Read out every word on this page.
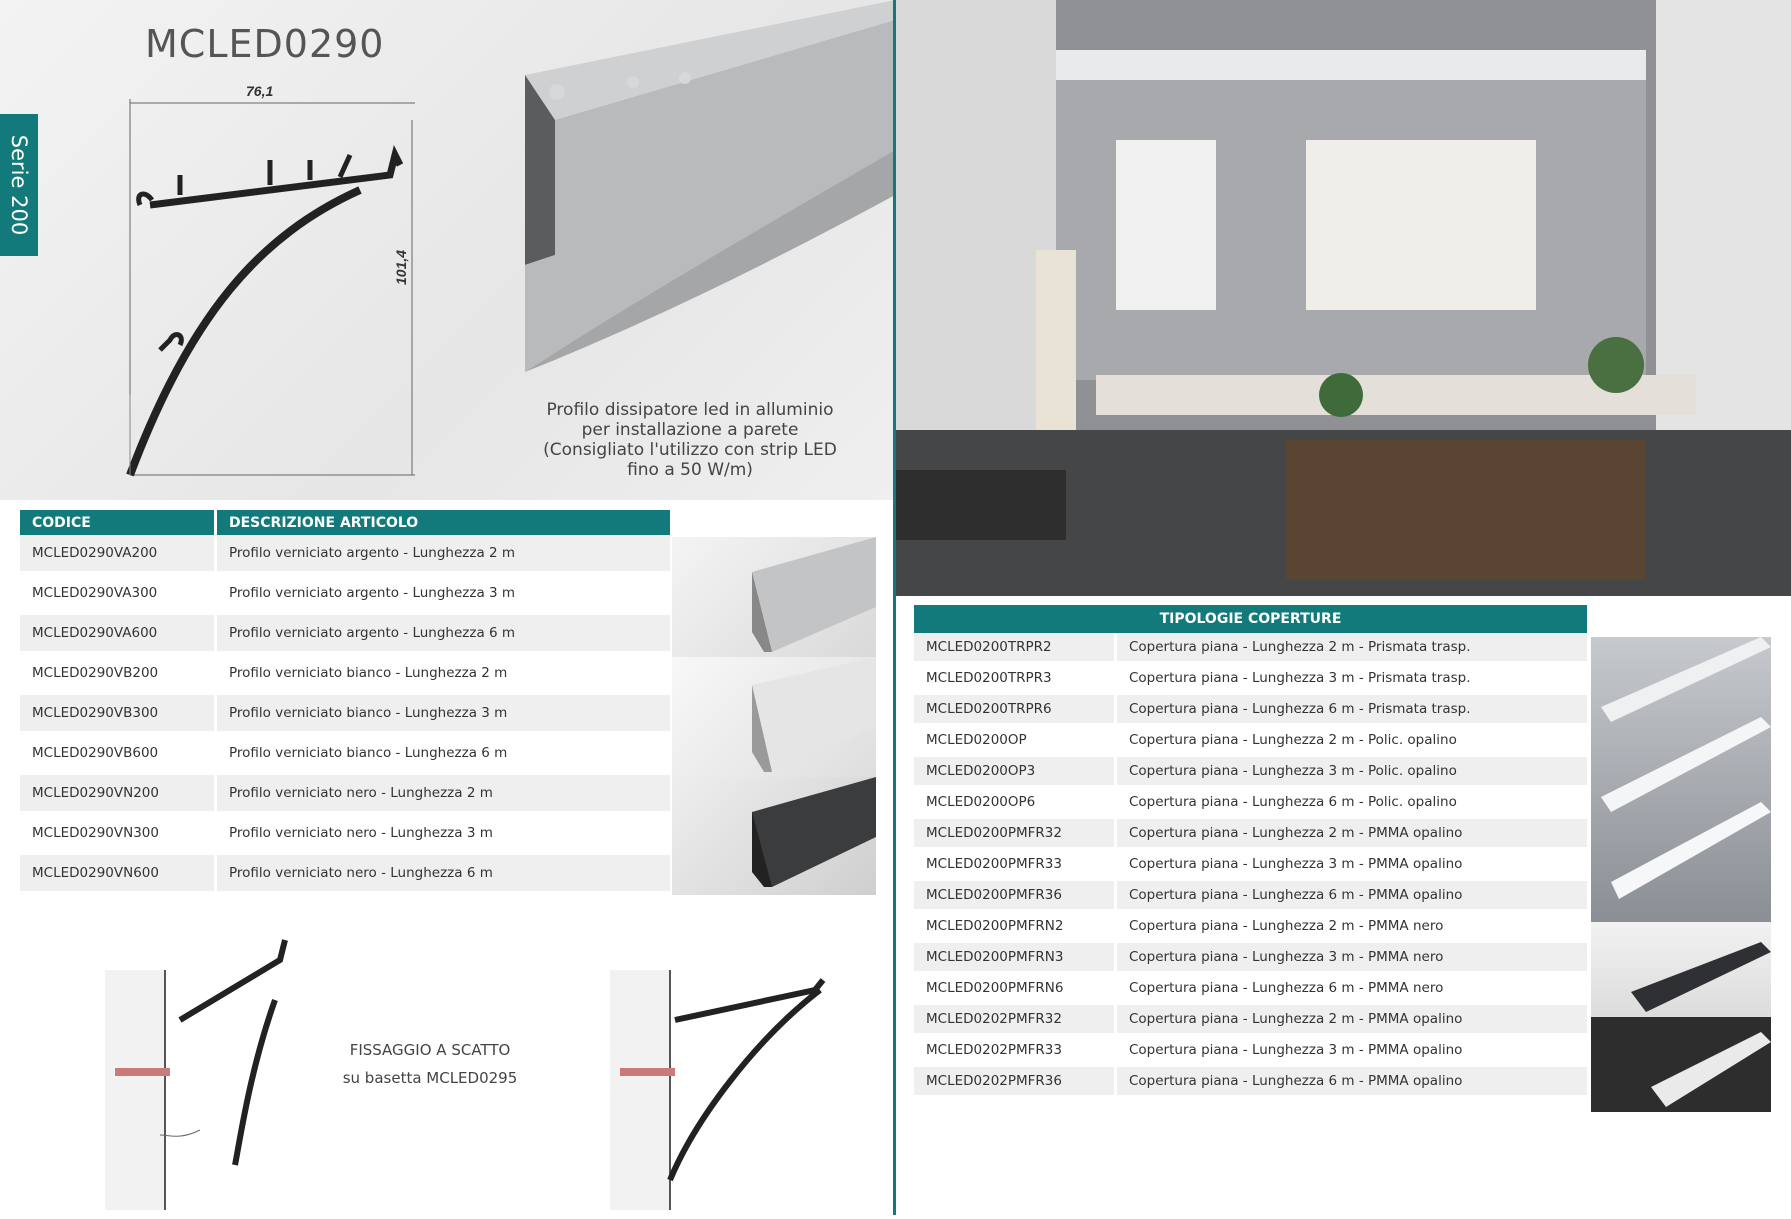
Serie 200
MCLED0290
76,1
101,4
Profilo dissipatore led in alluminio
per installazione a parete
(Consigliato l'utilizzo con strip LED
fino a 50 W/m)
CODICE	DESCRIZIONE ARTICOLO
MCLED0290VA200	Profilo verniciato argento - Lunghezza 2 m
MCLED0290VA300	Profilo verniciato argento - Lunghezza 3 m
MCLED0290VA600	Profilo verniciato argento - Lunghezza 6 m
MCLED0290VB200	Profilo verniciato bianco - Lunghezza 2 m
MCLED0290VB300	Profilo verniciato bianco - Lunghezza 3 m
MCLED0290VB600	Profilo verniciato bianco - Lunghezza 6 m
MCLED0290VN200	Profilo verniciato nero - Lunghezza 2 m
MCLED0290VN300	Profilo verniciato nero - Lunghezza 3 m
MCLED0290VN600	Profilo verniciato nero - Lunghezza 6 m
FISSAGGIO A SCATTO
su basetta MCLED0295
TIPOLOGIE COPERTURE	
MCLED0200TRPR2	Copertura piana - Lunghezza 2 m - Prismata trasp.
MCLED0200TRPR3	Copertura piana - Lunghezza 3 m - Prismata trasp.
MCLED0200TRPR6	Copertura piana - Lunghezza 6 m - Prismata trasp.
MCLED0200OP	Copertura piana - Lunghezza 2 m - Polic. opalino
MCLED0200OP3	Copertura piana - Lunghezza 3 m - Polic. opalino
MCLED0200OP6	Copertura piana - Lunghezza 6 m - Polic. opalino
MCLED0200PMFR32	Copertura piana - Lunghezza 2 m - PMMA opalino
MCLED0200PMFR33	Copertura piana - Lunghezza 3 m - PMMA opalino
MCLED0200PMFR36	Copertura piana - Lunghezza 6 m - PMMA opalino
MCLED0200PMFRN2	Copertura piana - Lunghezza 2 m - PMMA nero
MCLED0200PMFRN3	Copertura piana - Lunghezza 3 m - PMMA nero
MCLED0200PMFRN6	Copertura piana - Lunghezza 6 m - PMMA nero
MCLED0202PMFR32	Copertura piana - Lunghezza 2 m - PMMA opalino
MCLED0202PMFR33	Copertura piana - Lunghezza 3 m - PMMA opalino
MCLED0202PMFR36	Copertura piana - Lunghezza 6 m - PMMA opalino
